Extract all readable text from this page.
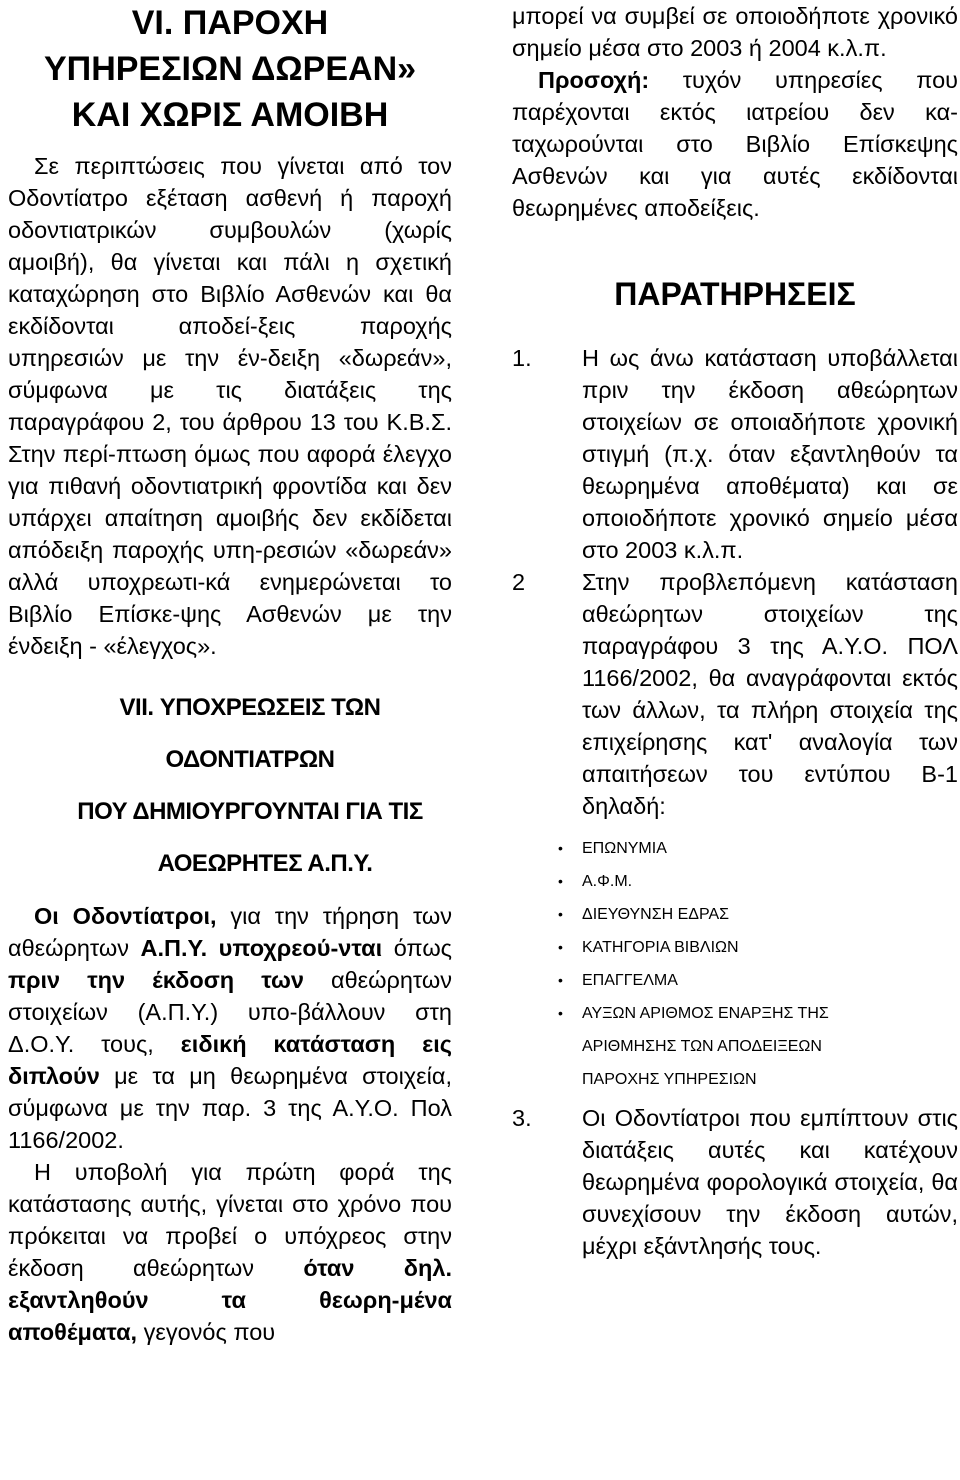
VI. ΠΑΡΟΧΗ
ΥΠΗΡΕΣΙΩΝ ΔΩΡΕΑΝ»
ΚΑΙ ΧΩΡΙΣ ΑΜΟΙΒΗ

Σε περιπτώσεις που γίνεται από τον Οδοντίατρο εξέταση ασθενή ή παροχή οδοντιατρικών συμβουλών (χωρίς αμοιβή), θα γίνεται και πάλι η σχετική καταχώρηση στο Βιβλίο Ασθενών και θα εκδίδονται αποδεί-ξεις παροχής υπηρεσιών με την έν-δειξη «δωρεάν», σύμφωνα με τις διατάξεις της παραγράφου 2, του άρθρου 13 του Κ.Β.Σ. Στην περί-πτωση όμως που αφορά έλεγχο για πιθανή οδοντιατρική φροντίδα και δεν υπάρχει απαίτηση αμοιβής δεν εκδίδεται απόδειξη παροχής υπη-ρεσιών «δωρεάν» αλλά υποχρεωτι-κά ενημερώνεται το Βιβλίο Επίσκε-ψης Ασθενών με την ένδειξη - «έλεγχος».

VII. ΥΠΟΧΡΕΩΣΕΙΣ ΤΩΝ ΟΔΟΝΤΙΑΤΡΩΝ
ΠΟΥ ΔΗΜΙΟΥΡΓΟΥΝΤΑΙ ΓΙΑ ΤΙΣ
ΑΟΕΩΡΗΤΕΣ Α.Π.Υ.

Οι Οδοντίατροι, για την τήρηση των αθεώρητων Α.Π.Υ. υποχρεού-νται όπως πριν την έκδοση των αθεώρητων στοιχείων (Α.Π.Υ.) υπο-βάλλουν στη Δ.Ο.Υ. τους, ειδική κατάσταση εις διπλούν με τα μη θεωρημένα στοιχεία, σύμφωνα με την παρ. 3 της Α.Υ.Ο. Πολ 1166/2002.

Η υποβολή για πρώτη φορά της κατάστασης αυτής, γίνεται στο χρόνο που πρόκειται να προβεί ο υπόχρεος στην έκδοση αθεώρητων όταν δηλ. εξαντληθούν τα θεωρη-μένα αποθέματα, γεγονός που

μπορεί να συμβεί σε οποιοδήποτε χρονικό σημείο μέσα στο 2003 ή 2004 κ.λ.π.

Προσοχή: τυχόν υπηρεσίες που παρέχονται εκτός ιατρείου δεν κα-ταχωρούνται στο Βιβλίο Επίσκεψης Ασθενών και για αυτές εκδίδονται θεωρημένες αποδείξεις.

ΠΑΡΑΤΗΡΗΣΕΙΣ
1. Η ως άνω κατάσταση υποβάλλεται πριν την έκδοση αθεώρητων στοιχείων σε οποιαδήποτε χρονική στιγμή (π.χ. όταν εξαντληθούν τα θεωρημένα αποθέματα) και σε οποιοδήποτε χρονικό σημείο μέσα στο 2003 κ.λ.π.
2 Στην προβλεπόμενη κατάσταση αθεώρητων στοιχείων της παραγράφου 3 της Α.Υ.Ο. ΠΟΛ 1166/2002, θα αναγράφονται εκτός των άλλων, τα πλήρη στοιχεία της επιχείρησης κατ' αναλογία των απαιτήσεων του εντύπου Β-1 δηλαδή:
• ΕΠΩΝΥΜΙΑ
• Α.Φ.Μ.
• ΔΙΕΥΘΥΝΣΗ ΕΔΡΑΣ
• ΚΑΤΗΓΟΡΙΑ ΒΙΒΛΙΩΝ
• ΕΠΑΓΓΕΛΜΑ
• ΑΥΞΩΝ ΑΡΙΘΜΟΣ ΕΝΑΡΞΗΣ ΤΗΣ
ΑΡΙΘΜΗΣΗΣ ΤΩΝ ΑΠΟΔΕΙΞΕΩΝ
ΠΑΡΟΧΗΣ ΥΠΗΡΕΣΙΩΝ
3. Οι Οδοντίατροι που εμπίπτουν στις διατάξεις αυτές και κατέχουν θεωρημένα φορολογικά στοιχεία, θα συνεχίσουν την έκδοση αυτών, μέχρι εξάντλησής τους.
